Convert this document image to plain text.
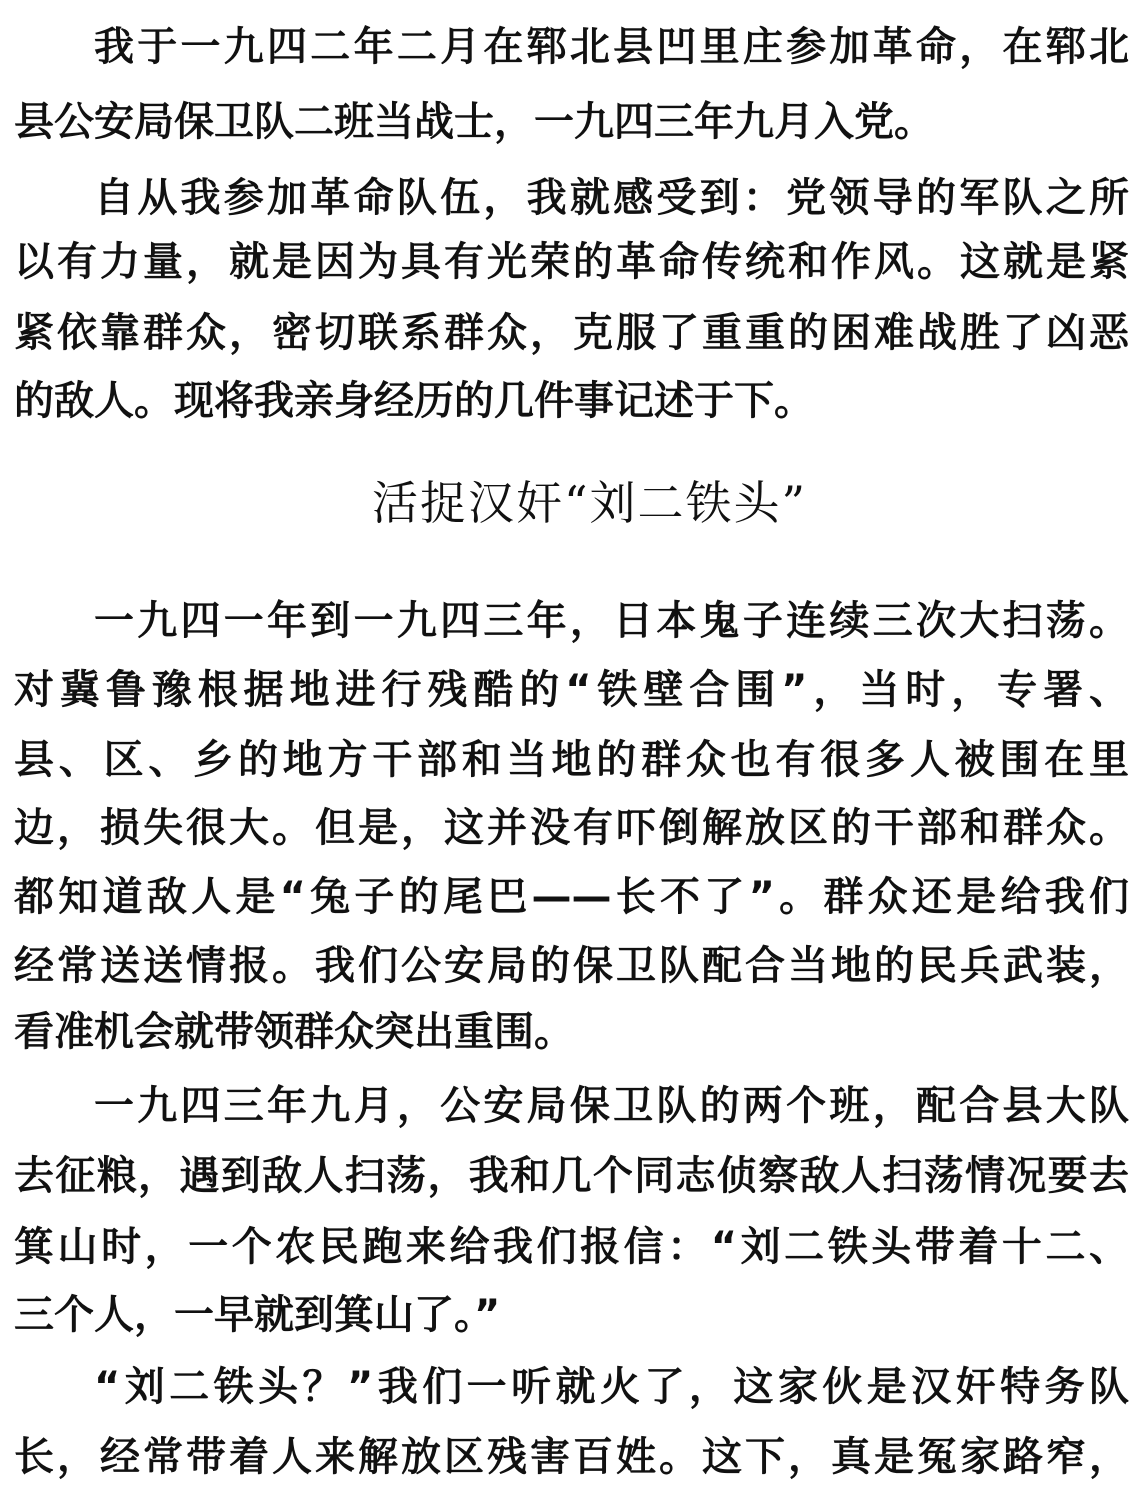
我于一九四二年二月在郓北县凹里庄参加革命，在郓北
县公安局保卫队二班当战士，一九四三年九月入党。
自从我参加革命队伍，我就感受到：党领导的军队之所
以有力量，就是因为具有光荣的革命传统和作风。这就是紧
紧依靠群众，密切联系群众，克服了重重的困难战胜了凶恶
的敌人。现将我亲身经历的几件事记述于下。
活捉汉奸“刘二铁头”
一九四一年到一九四三年，日本鬼子连续三次大扫荡。
对冀鲁豫根据地进行残酷的“铁壁合围”，当时，专署、
县、区、乡的地方干部和当地的群众也有很多人被围在里
边，损失很大。但是，这并没有吓倒解放区的干部和群众。
都知道敌人是“兔子的尾巴——长不了”。群众还是给我们
经常送送情报。我们公安局的保卫队配合当地的民兵武装，
看准机会就带领群众突出重围。
一九四三年九月，公安局保卫队的两个班，配合县大队
去征粮，遇到敌人扫荡，我和几个同志侦察敌人扫荡情况要去
箕山时，一个农民跑来给我们报信：“刘二铁头带着十二、
三个人，一早就到箕山了。”
“刘二铁头？”我们一听就火了，这家伙是汉奸特务队
长，经常带着人来解放区残害百姓。这下，真是冤家路窄，
